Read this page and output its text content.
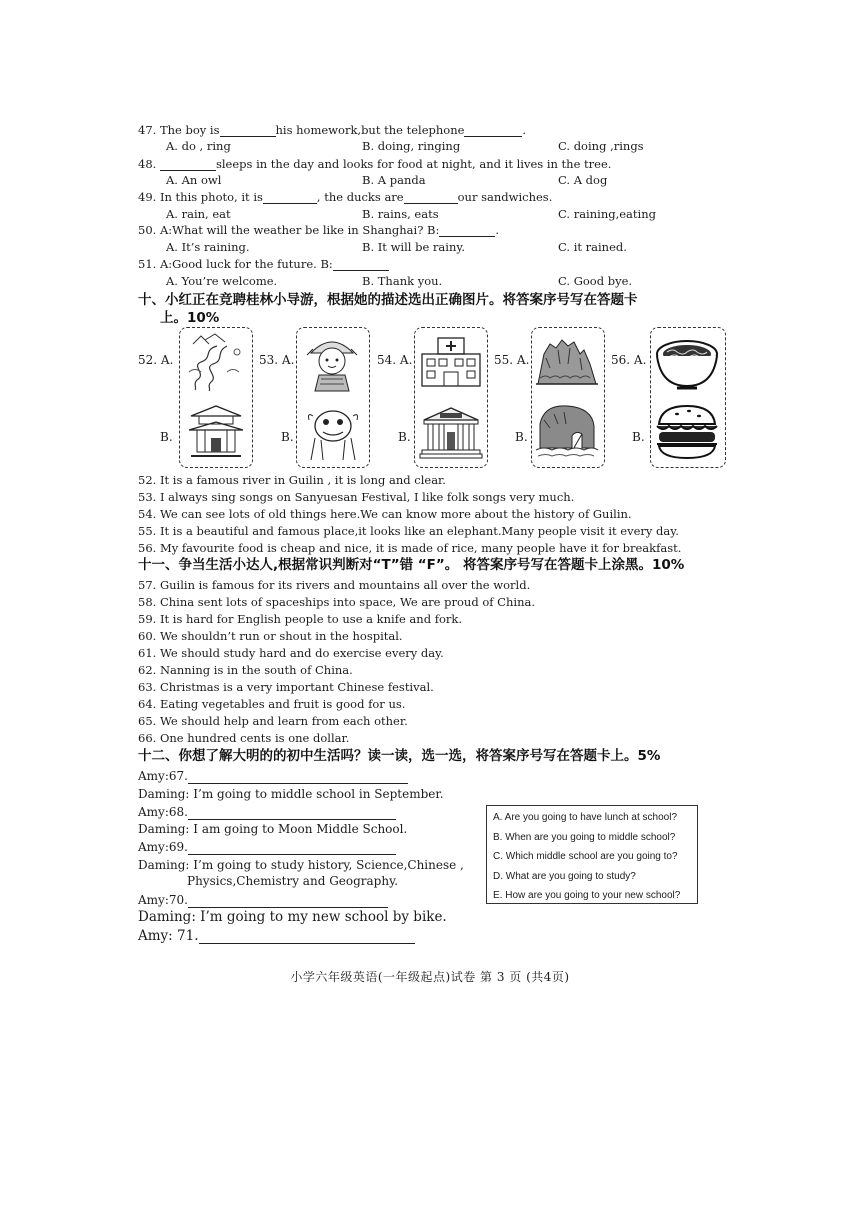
47. The boy is	his homework,but the telephone	.
A. do , ring	B. doing, ringing	C. doing ,rings
48.	sleeps in the day and looks for food at night, and it lives in the tree.
A. An owl	B. A panda	C. A dog
49. In this photo, it is	, the ducks are	our sandwiches.
A. rain, eat	B. rains, eats	C. raining,eating
50. A:What will the weather be like in Shanghai? B:	.
A. It’s raining.	B. It will be rainy.	C. it rained.
51. A:Good luck for the future. B:
A. You’re welcome.	B. Thank you.	C. Good bye.
十、小红正在竞聘桂林小导游，根据她的描述选出正确图片。将答案序号写在答题卡
上。10%
52. A.	53. A.	54. A.	55. A.	56. A.
B.	B.	B.	B.	B.
52. It is a famous river in Guilin , it is long and clear.
53. I always sing songs on Sanyuesan Festival, I like folk songs very much.
54. We can see lots of old things here.We can know more about the history of Guilin.
55. It is a beautiful and famous place,it looks like an elephant.Many people visit it every day.
56. My favourite food is cheap and nice, it is made of rice, many people have it for breakfast.
十一、争当生活小达人,根据常识判断对“T”错 “F”。 将答案序号写在答题卡上涂黑。10%
57. Guilin is famous for its rivers and mountains all over the world.
58. China sent lots of spaceships into space, We are proud of China.
59. It is hard for English people to use a knife and fork.
60. We shouldn’t run or shout in the hospital.
61. We should study hard and do exercise every day.
62. Nanning is in the south of China.
63. Christmas is a very important Chinese festival.
64. Eating vegetables and fruit is good for us.
65. We should help and learn from each other.
66. One hundred cents is one dollar.
十二、你想了解大明的的初中生活吗？读一读，选一选，将答案序号写在答题卡上。5%
Amy:67.
Daming: I’m going to middle school in September.
Amy:68.
Daming: I am going to Moon Middle School.
Amy:69.
Daming: I’m going to study history, Science,Chinese ,
Physics,Chemistry and Geography.
Amy:70.
Daming: I’m going to my new school by bike.
Amy: 71.
A. Are you going to have lunch at school?
B. When are you going to middle school?
C. Which middle school are you going to?
D. What are you going to study?
E. How are you going to your new school?
小学六年级英语(一年级起点)试卷 第 3 页 (共4页)
